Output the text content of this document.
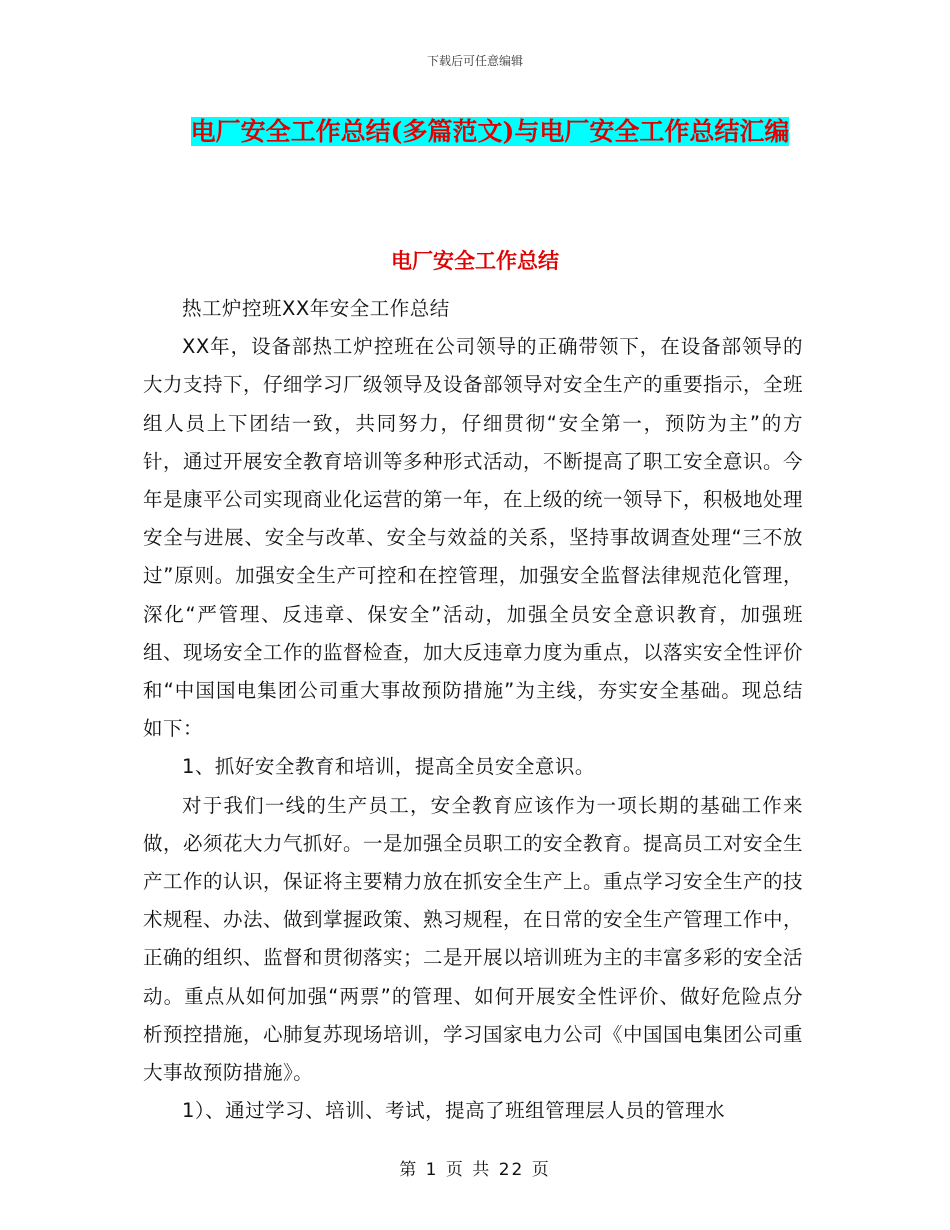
下载后可任意编辑
电厂安全工作总结(多篇范文)与电厂安全工作总结汇编
电厂安全工作总结

热工炉控班XX年安全工作总结

XX年，设备部热工炉控班在公司领导的正确带领下，在设备部领导的大力支持下，仔细学习厂级领导及设备部领导对安全生产的重要指示，全班组人员上下团结一致，共同努力，仔细贯彻“安全第一，预防为主”的方针，通过开展安全教育培训等多种形式活动，不断提高了职工安全意识。今年是康平公司实现商业化运营的第一年，在上级的统一领导下，积极地处理安全与进展、安全与改革、安全与效益的关系，坚持事故调查处理“三不放过”原则。加强安全生产可控和在控管理，加强安全监督法律规范化管理，深化“严管理、反违章、保安全”活动，加强全员安全意识教育，加强班组、现场安全工作的监督检查，加大反违章力度为重点，以落实安全性评价和“中国国电集团公司重大事故预防措施”为主线，夯实安全基础。现总结如下：

1、抓好安全教育和培训，提高全员安全意识。

对于我们一线的生产员工，安全教育应该作为一项长期的基础工作来做，必须花大力气抓好。一是加强全员职工的安全教育。提高员工对安全生产工作的认识，保证将主要精力放在抓安全生产上。重点学习安全生产的技术规程、办法、做到掌握政策、熟习规程，在日常的安全生产管理工作中，正确的组织、监督和贯彻落实；二是开展以培训班为主的丰富多彩的安全活动。重点从如何加强“两票”的管理、如何开展安全性评价、做好危险点分析预控措施，心肺复苏现场培训，学习国家电力公司《中国国电集团公司重大事故预防措施》。

1）、通过学习、培训、考试，提高了班组管理层人员的管理水

第 1 页 共 22 页
